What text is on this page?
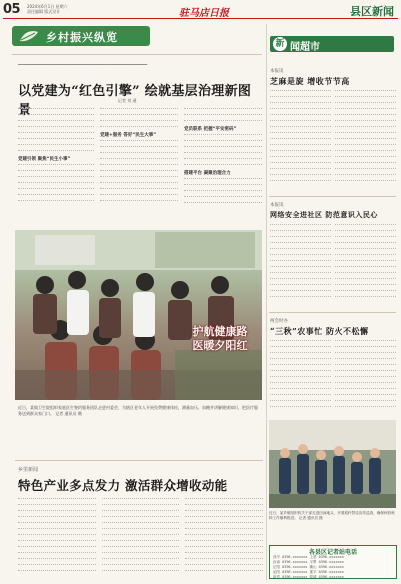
05 2024年6月1日 星期六
责任编辑 版式设计	驻马店日报	县区新闻
乡村振兴纵览
▁▁▁▁▁▁▁▁▁▁▁▁▁▁▁▁▁▁▁▁▁▁▁▁▁▁▁▁▁▁▁▁▁▁▁▁▁▁▁▁▁▁
以党建为“红色引擎” 绘就基层治理新图景
记者 刘 通
党建引领 聚焦“民生小事”
党建+服务 答好“民生大事”
党员联系 把握“平安密码”
搭建平台 凝聚治理合力
护航健康路
医暖夕阳红
近日，某镇卫生院组织家庭医生签约服务团队走进村委会，为辖区老年人开展免费健康体检，测量血压、血糖并讲解健康知识，把医疗服务送到群众家门口。 记者 通讯员 摄
乡里新闻
特色产业多点发力 激活群众增收动能
新 闻超市
本报讯
芝麻是旋 增收节节高
本报讯
网络安全进社区 防范意识入民心
两会时办
“三秋”农事忙 防火不松懈
近日，某乡镇组织机关干部走进田间地头，开展秸秆禁烧宣传巡查，确保秋收秋种工作顺利推进。 记者 通讯员 摄
各县区记者站电话
西平 0396-xxxxxxx 上蔡 0396-xxxxxxx
汝南 0396-xxxxxxx 平舆 0396-xxxxxxx
正阳 0396-xxxxxxx 确山 0396-xxxxxxx
泌阳 0396-xxxxxxx 遂平 0396-xxxxxxx
新蔡 0396-xxxxxxx 驿城 0396-xxxxxxx
